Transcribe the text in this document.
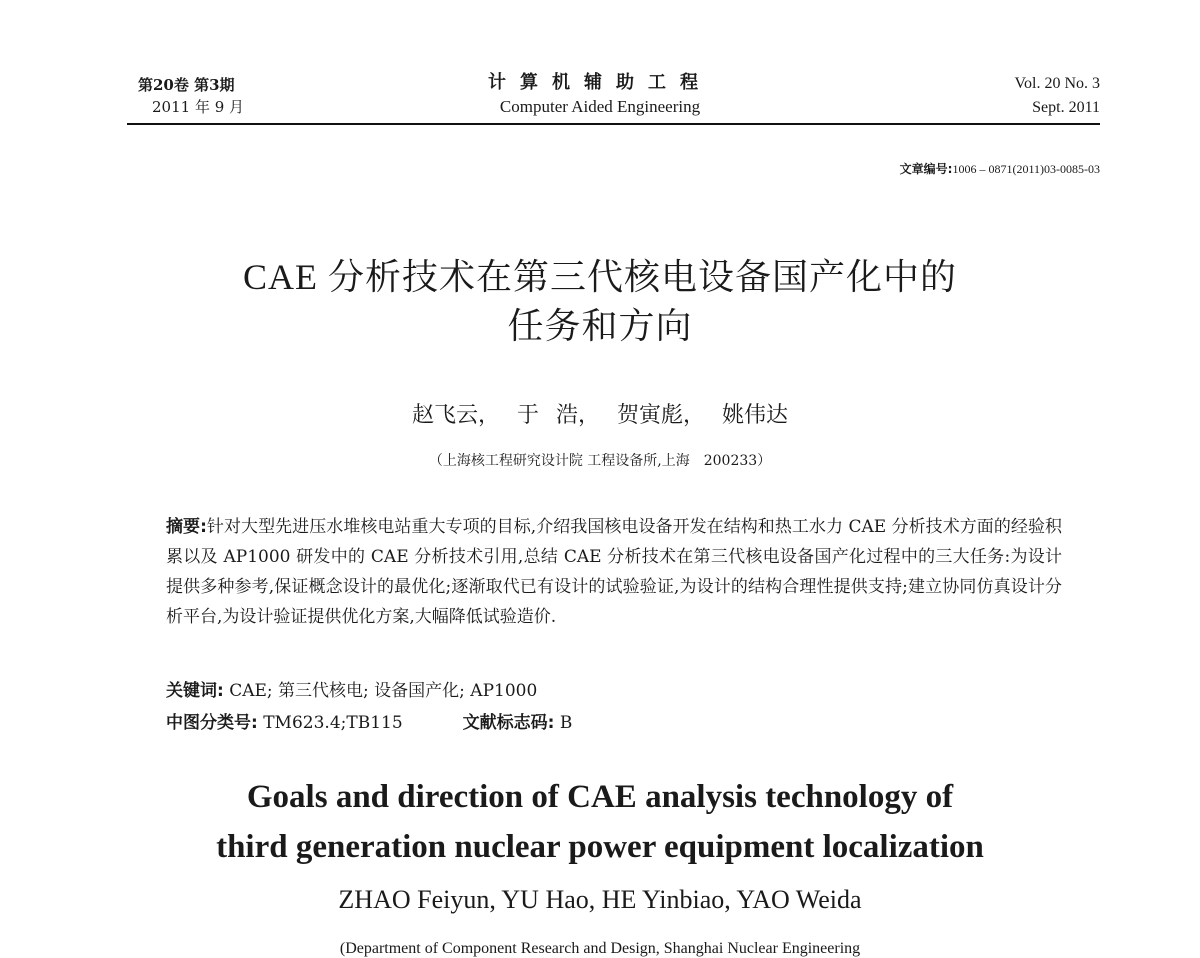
第20卷 第3期
2011 年 9 月
计算机辅助工程
Computer Aided Engineering
Vol. 20 No. 3
Sept. 2011
文章编号:1006 – 0871(2011)03-0085-03
CAE 分析技术在第三代核电设备国产化中的
任务和方向
赵飞云， 于 浩， 贺寅彪， 姚伟达
（上海核工程研究设计院 工程设备所,上海　200233）
摘要:针对大型先进压水堆核电站重大专项的目标,介绍我国核电设备开发在结构和热工水力 CAE 分析技术方面的经验积累以及 AP1000 研发中的 CAE 分析技术引用,总结 CAE 分析技术在第三代核电设备国产化过程中的三大任务:为设计提供多种参考,保证概念设计的最优化;逐渐取代已有设计的试验验证,为设计的结构合理性提供支持;建立协同仿真设计分析平台,为设计验证提供优化方案,大幅降低试验造价.
关键词: CAE; 第三代核电; 设备国产化; AP1000
中图分类号: TM623.4;TB115	文献标志码: B
Goals and direction of CAE analysis technology of
third generation nuclear power equipment localization
ZHAO Feiyun, YU Hao, HE Yinbiao, YAO Weida
(Department of Component Research and Design, Shanghai Nuclear Engineering
